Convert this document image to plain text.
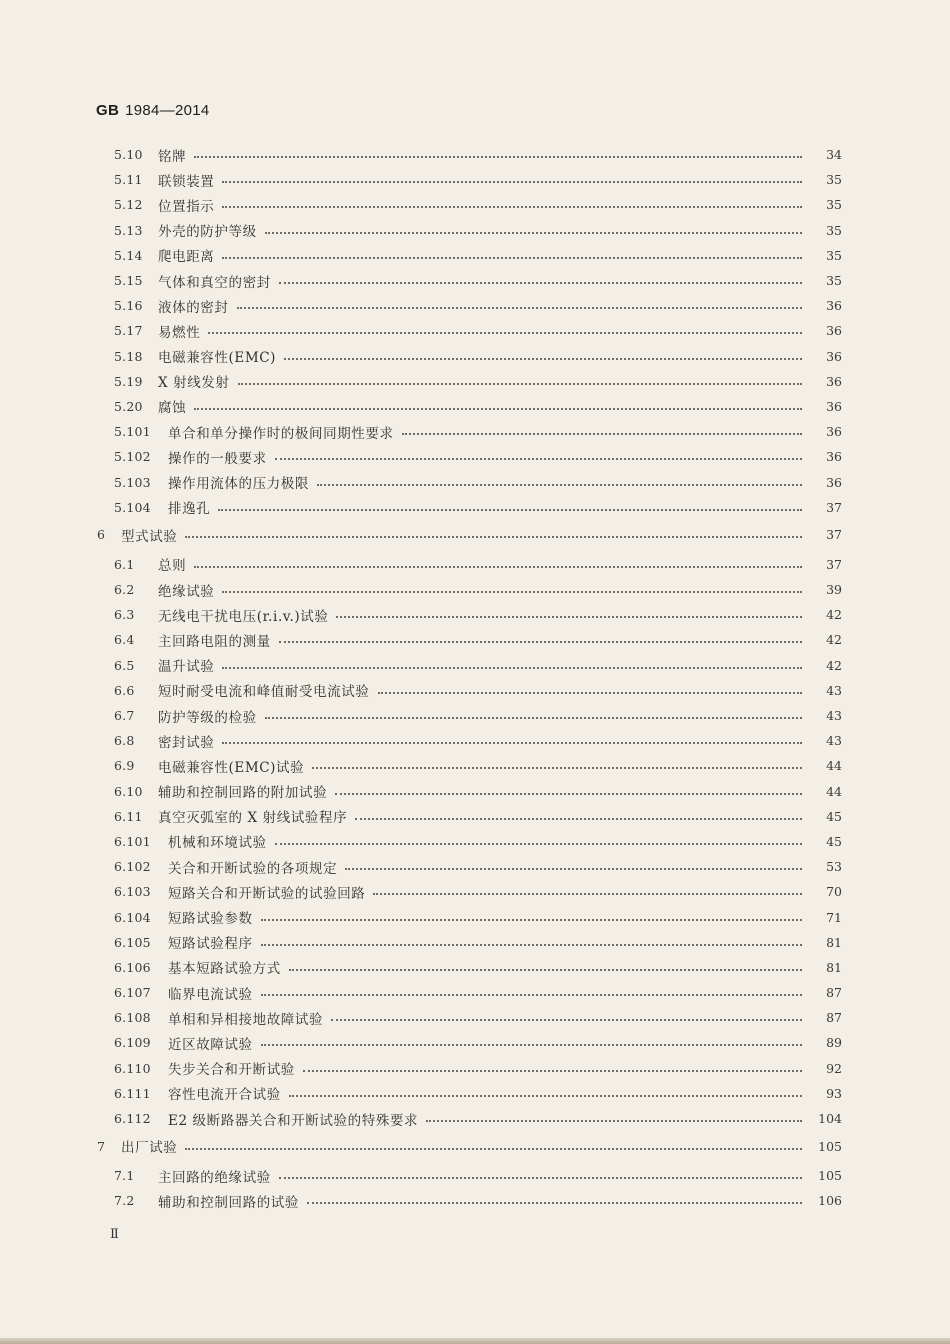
GB 1984—2014
5.10	铭牌	34
5.11	联锁装置	35
5.12	位置指示	35
5.13	外壳的防护等级	35
5.14	爬电距离	35
5.15	气体和真空的密封	35
5.16	液体的密封	36
5.17	易燃性	36
5.18	电磁兼容性(EMC)	36
5.19	X 射线发射	36
5.20	腐蚀	36
5.101	单合和单分操作时的极间同期性要求	36
5.102	操作的一般要求	36
5.103	操作用流体的压力极限	36
5.104	排逸孔	37
6	型式试验	37
6.1	总则	37
6.2	绝缘试验	39
6.3	无线电干扰电压(r.i.v.)试验	42
6.4	主回路电阻的测量	42
6.5	温升试验	42
6.6	短时耐受电流和峰值耐受电流试验	43
6.7	防护等级的检验	43
6.8	密封试验	43
6.9	电磁兼容性(EMC)试验	44
6.10	辅助和控制回路的附加试验	44
6.11	真空灭弧室的 X 射线试验程序	45
6.101	机械和环境试验	45
6.102	关合和开断试验的各项规定	53
6.103	短路关合和开断试验的试验回路	70
6.104	短路试验参数	71
6.105	短路试验程序	81
6.106	基本短路试验方式	81
6.107	临界电流试验	87
6.108	单相和异相接地故障试验	87
6.109	近区故障试验	89
6.110	失步关合和开断试验	92
6.111	容性电流开合试验	93
6.112	E2 级断路器关合和开断试验的特殊要求	104
7	出厂试验	105
7.1	主回路的绝缘试验	105
7.2	辅助和控制回路的试验	106
Ⅱ
